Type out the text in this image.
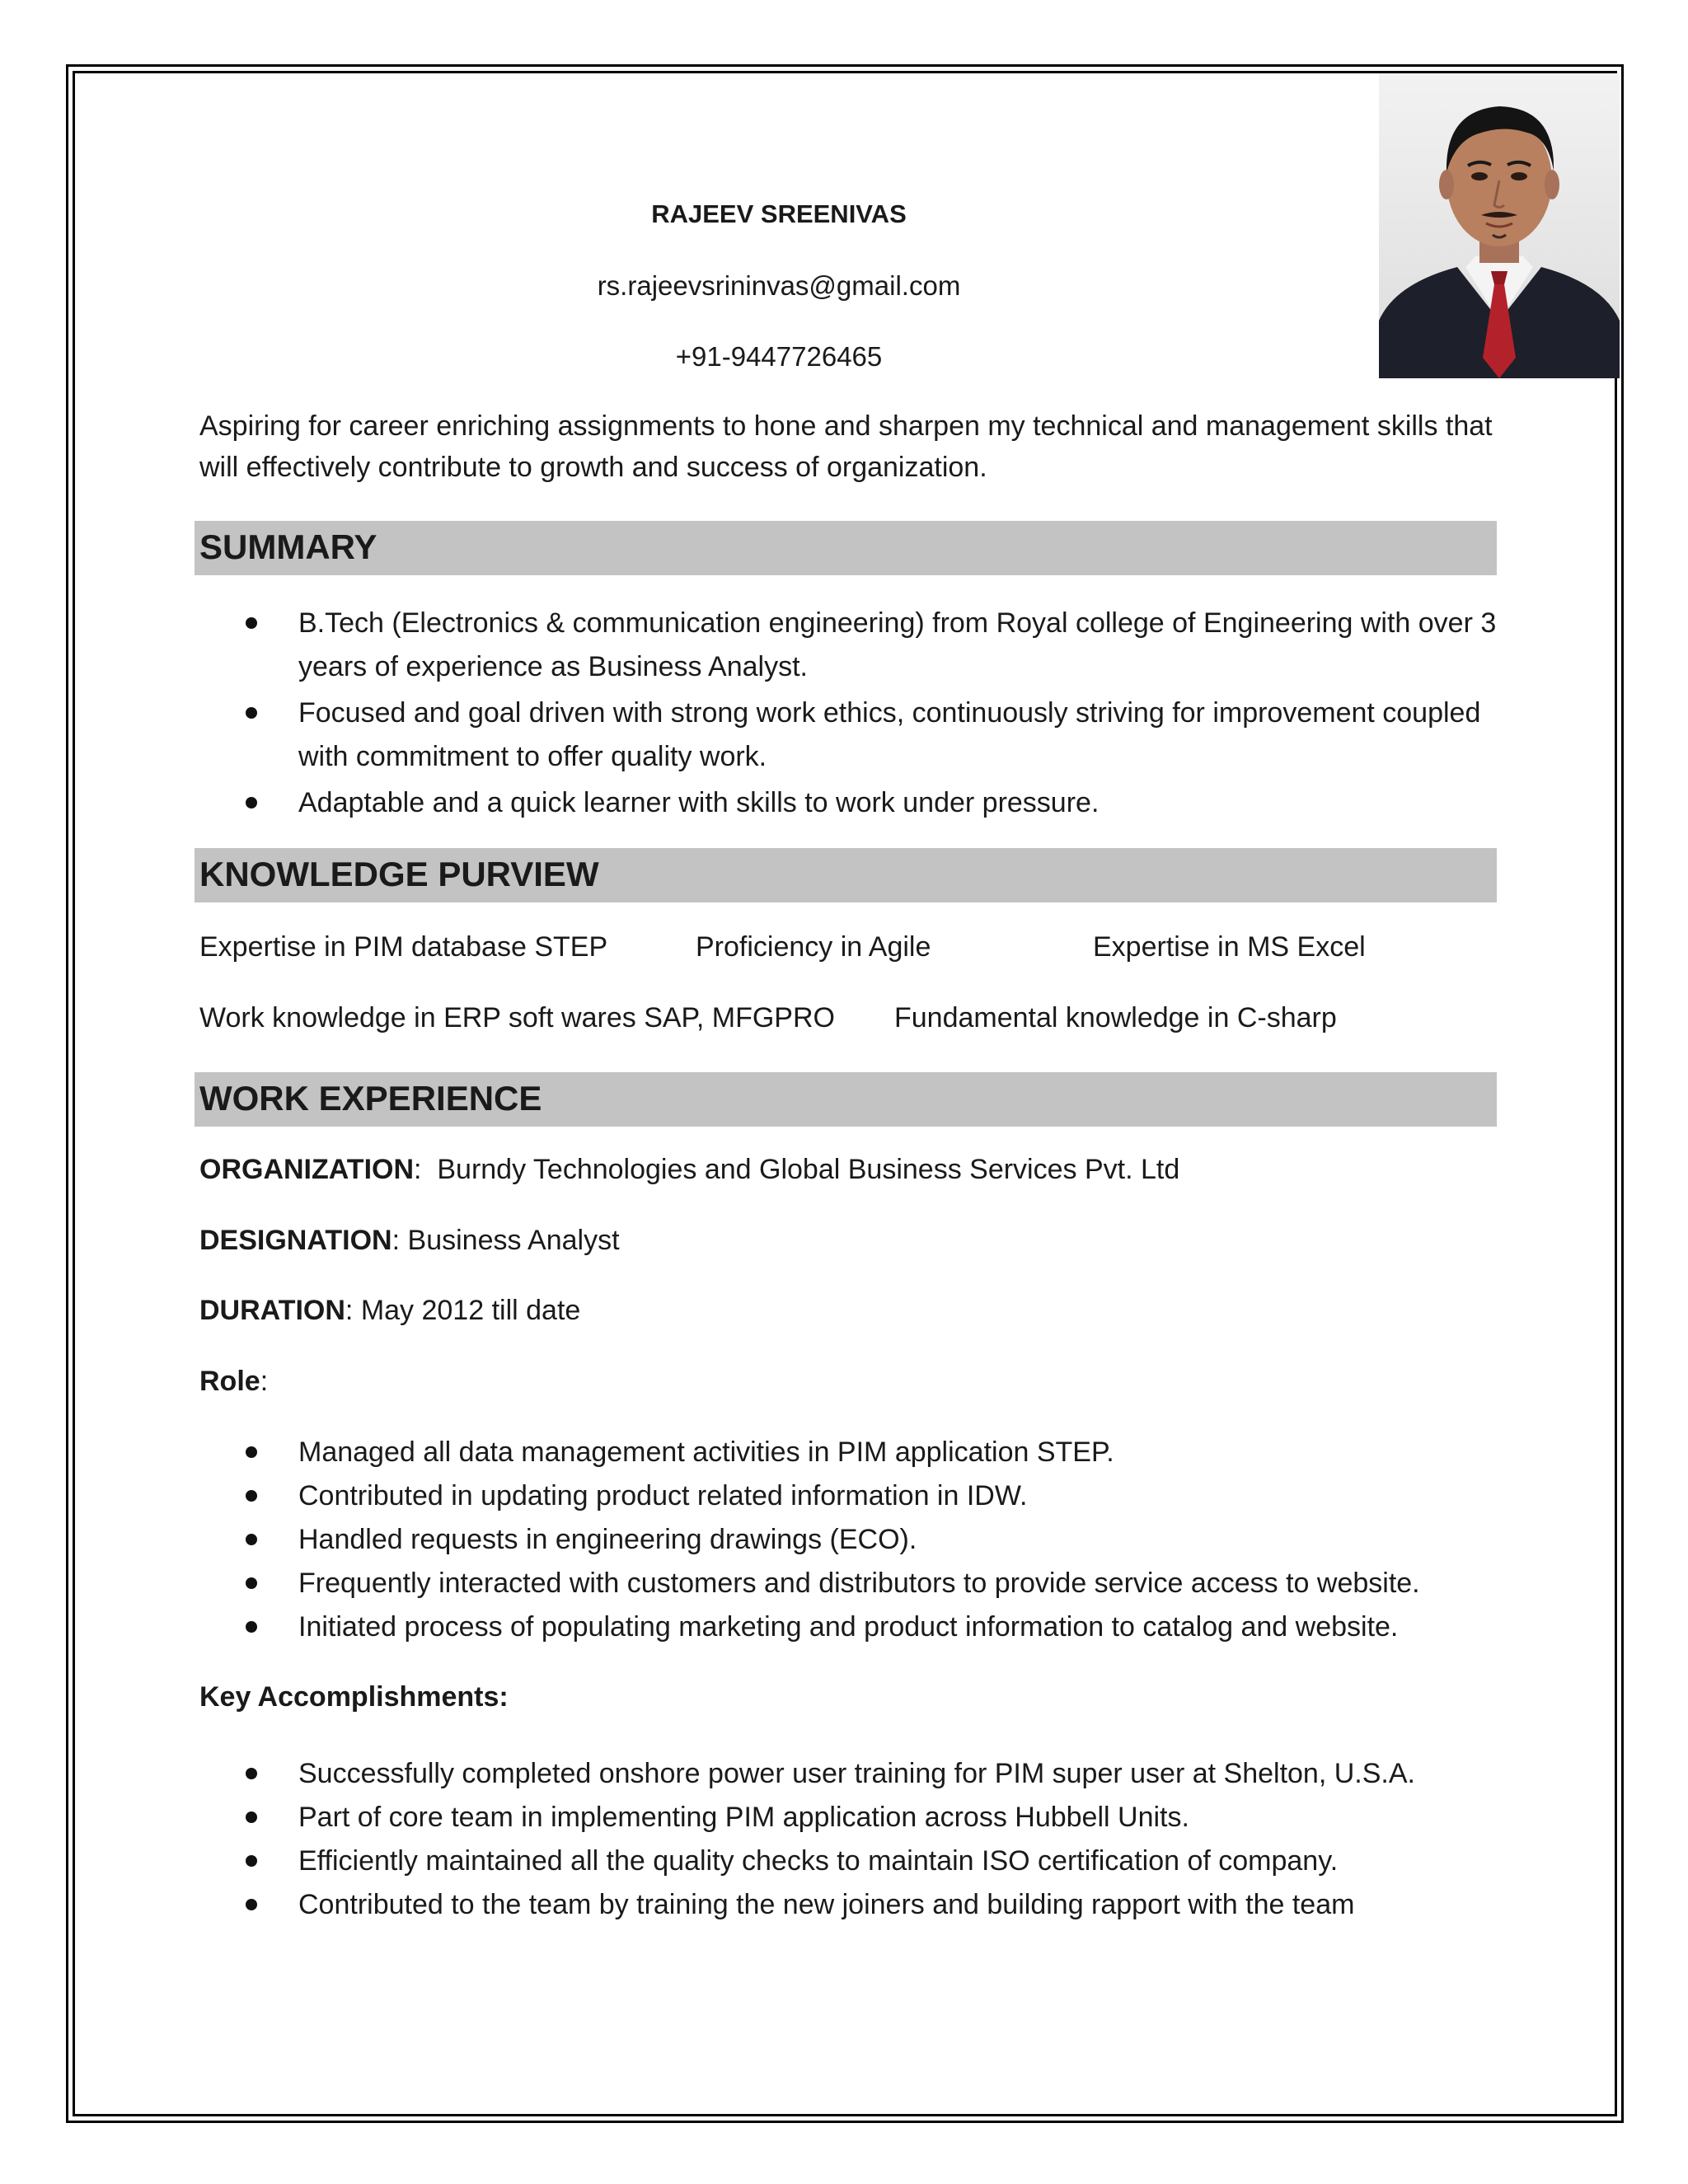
RAJEEV SREENIVAS
rs.rajeevsrininvas@gmail.com
+91-9447726465
Aspiring for career enriching assignments to hone and sharpen my technical and management skills that will effectively contribute to growth and success of organization.
SUMMARY
B.Tech (Electronics & communication engineering) from Royal college of Engineering with over 3 years of experience as Business Analyst.
Focused and goal driven with strong work ethics, continuously striving for improvement coupled with commitment to offer quality work.
Adaptable and a quick learner with skills to work under pressure.
KNOWLEDGE PURVIEW
Expertise in PIM database STEP	Proficiency in Agile	Expertise in MS Excel
Work knowledge in ERP soft wares SAP, MFGPRO Fundamental knowledge in C-sharp
WORK EXPERIENCE
ORGANIZATION:  Burndy Technologies and Global Business Services Pvt. Ltd
DESIGNATION: Business Analyst
DURATION: May 2012 till date
Role:
Managed all data management activities in PIM application STEP.
Contributed in updating product related information in IDW.
Handled requests in engineering drawings (ECO).
Frequently interacted with customers and distributors to provide service access to website.
Initiated process of populating marketing and product information to catalog and website.
Key Accomplishments:
Successfully completed onshore power user training for PIM super user at Shelton, U.S.A.
Part of core team in implementing PIM application across Hubbell Units.
Efficiently maintained all the quality checks to maintain ISO certification of company.
Contributed to the team by training the new joiners and building rapport with the team
